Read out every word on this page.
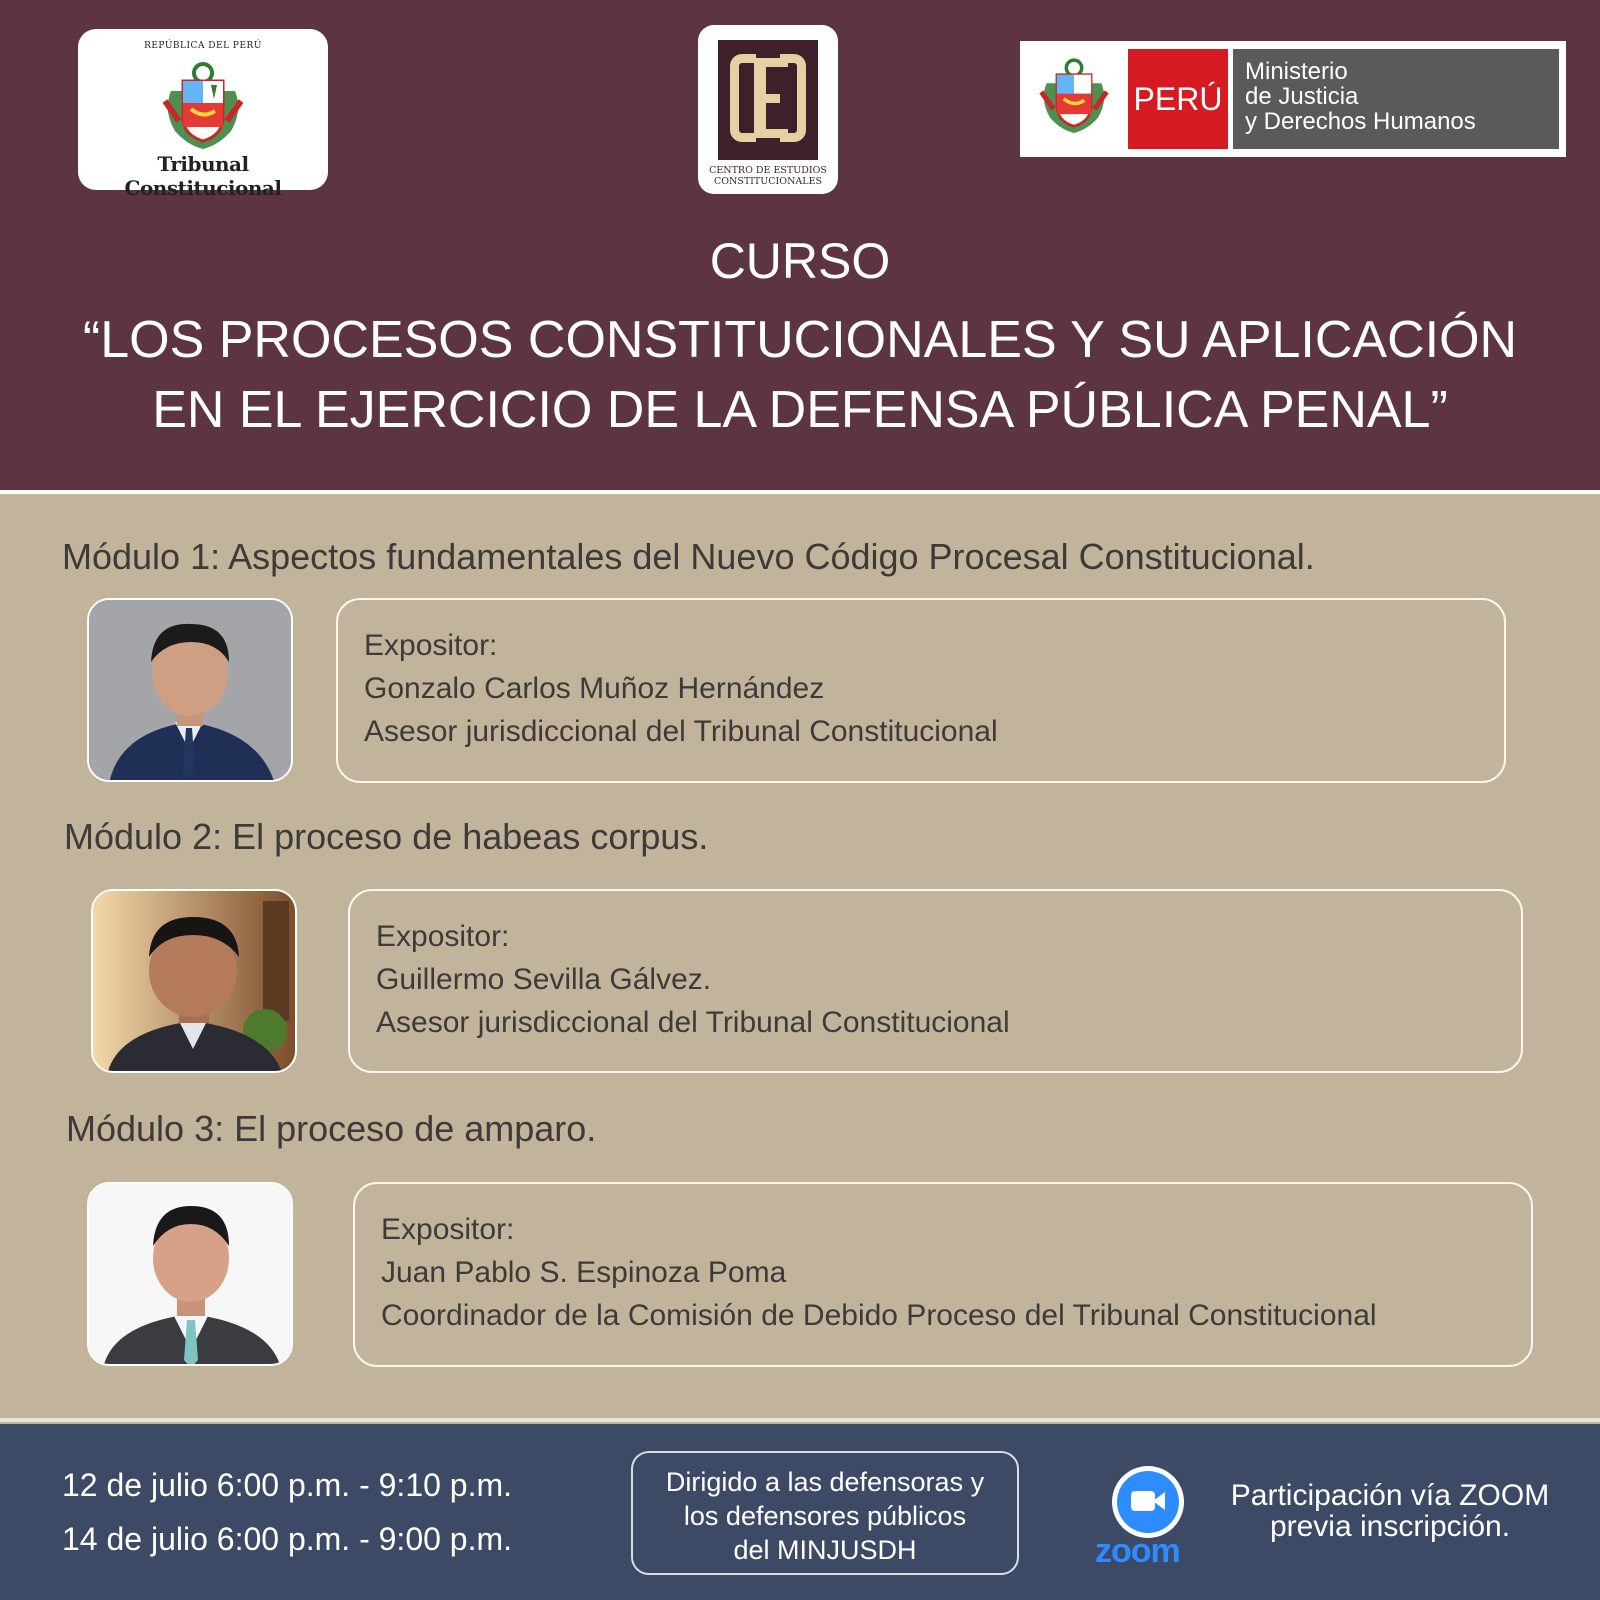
REPÚBLICA DEL PERÚ
Tribunal Constitucional
CENTRO DE ESTUDIOS
CONSTITUCIONALES
PERÚ
Ministerio
de Justicia
y Derechos Humanos
CURSO
“LOS PROCESOS CONSTITUCIONALES Y SU APLICACIÓN
EN EL EJERCICIO DE LA DEFENSA PÚBLICA PENAL”
Módulo 1: Aspectos fundamentales del Nuevo Código Procesal Constitucional.
Expositor:
Gonzalo Carlos Muñoz Hernández
Asesor jurisdiccional del Tribunal Constitucional
Módulo 2: El proceso de habeas corpus.
Expositor:
Guillermo Sevilla Gálvez.
Asesor jurisdiccional del Tribunal Constitucional
Módulo 3: El proceso de amparo.
Expositor:
Juan Pablo S. Espinoza Poma
Coordinador de la Comisión de Debido Proceso del Tribunal Constitucional
12 de julio 6:00 p.m. - 9:10 p.m.
14 de julio 6:00 p.m. - 9:00 p.m.
Dirigido a las defensoras y
los defensores públicos
del MINJUSDH	zoom
Participación vía ZOOM
previa inscripción.
